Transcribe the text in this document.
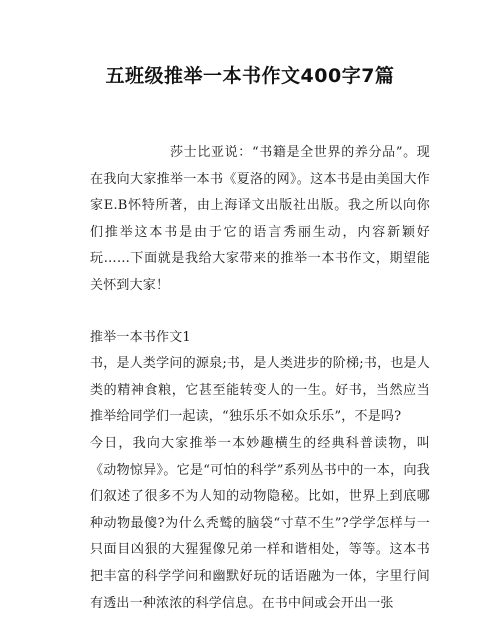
五班级推举一本书作文400字7篇

莎士比亚说：“书籍是全世界的养分品”。现在我向大家推举一本书《夏洛的网》。这本书是由美国大作家E.B怀特所著，由上海译文出版社出版。我之所以向你们推举这本书是由于它的语言秀丽生动，内容新颖好玩……下面就是我给大家带来的推举一本书作文，期望能关怀到大家！

推举一本书作文1

书，是人类学问的源泉;书，是人类进步的阶梯;书，也是人类的精神食粮，它甚至能转变人的一生。好书，当然应当推举给同学们一起读，“独乐乐不如众乐乐”，不是吗?

今日，我向大家推举一本妙趣横生的经典科普读物，叫《动物惊异》。它是“可怕的科学”系列丛书中的一本，向我们叙述了很多不为人知的动物隐秘。比如，世界上到底哪种动物最傻?为什么秃鹫的脑袋“寸草不生”?学学怎样与一只面目凶狠的大猩猩像兄弟一样和谐相处，等等。这本书把丰富的科学学问和幽默好玩的话语融为一体，字里行间有透出一种浓浓的科学信息。在书中间或会开出一张
